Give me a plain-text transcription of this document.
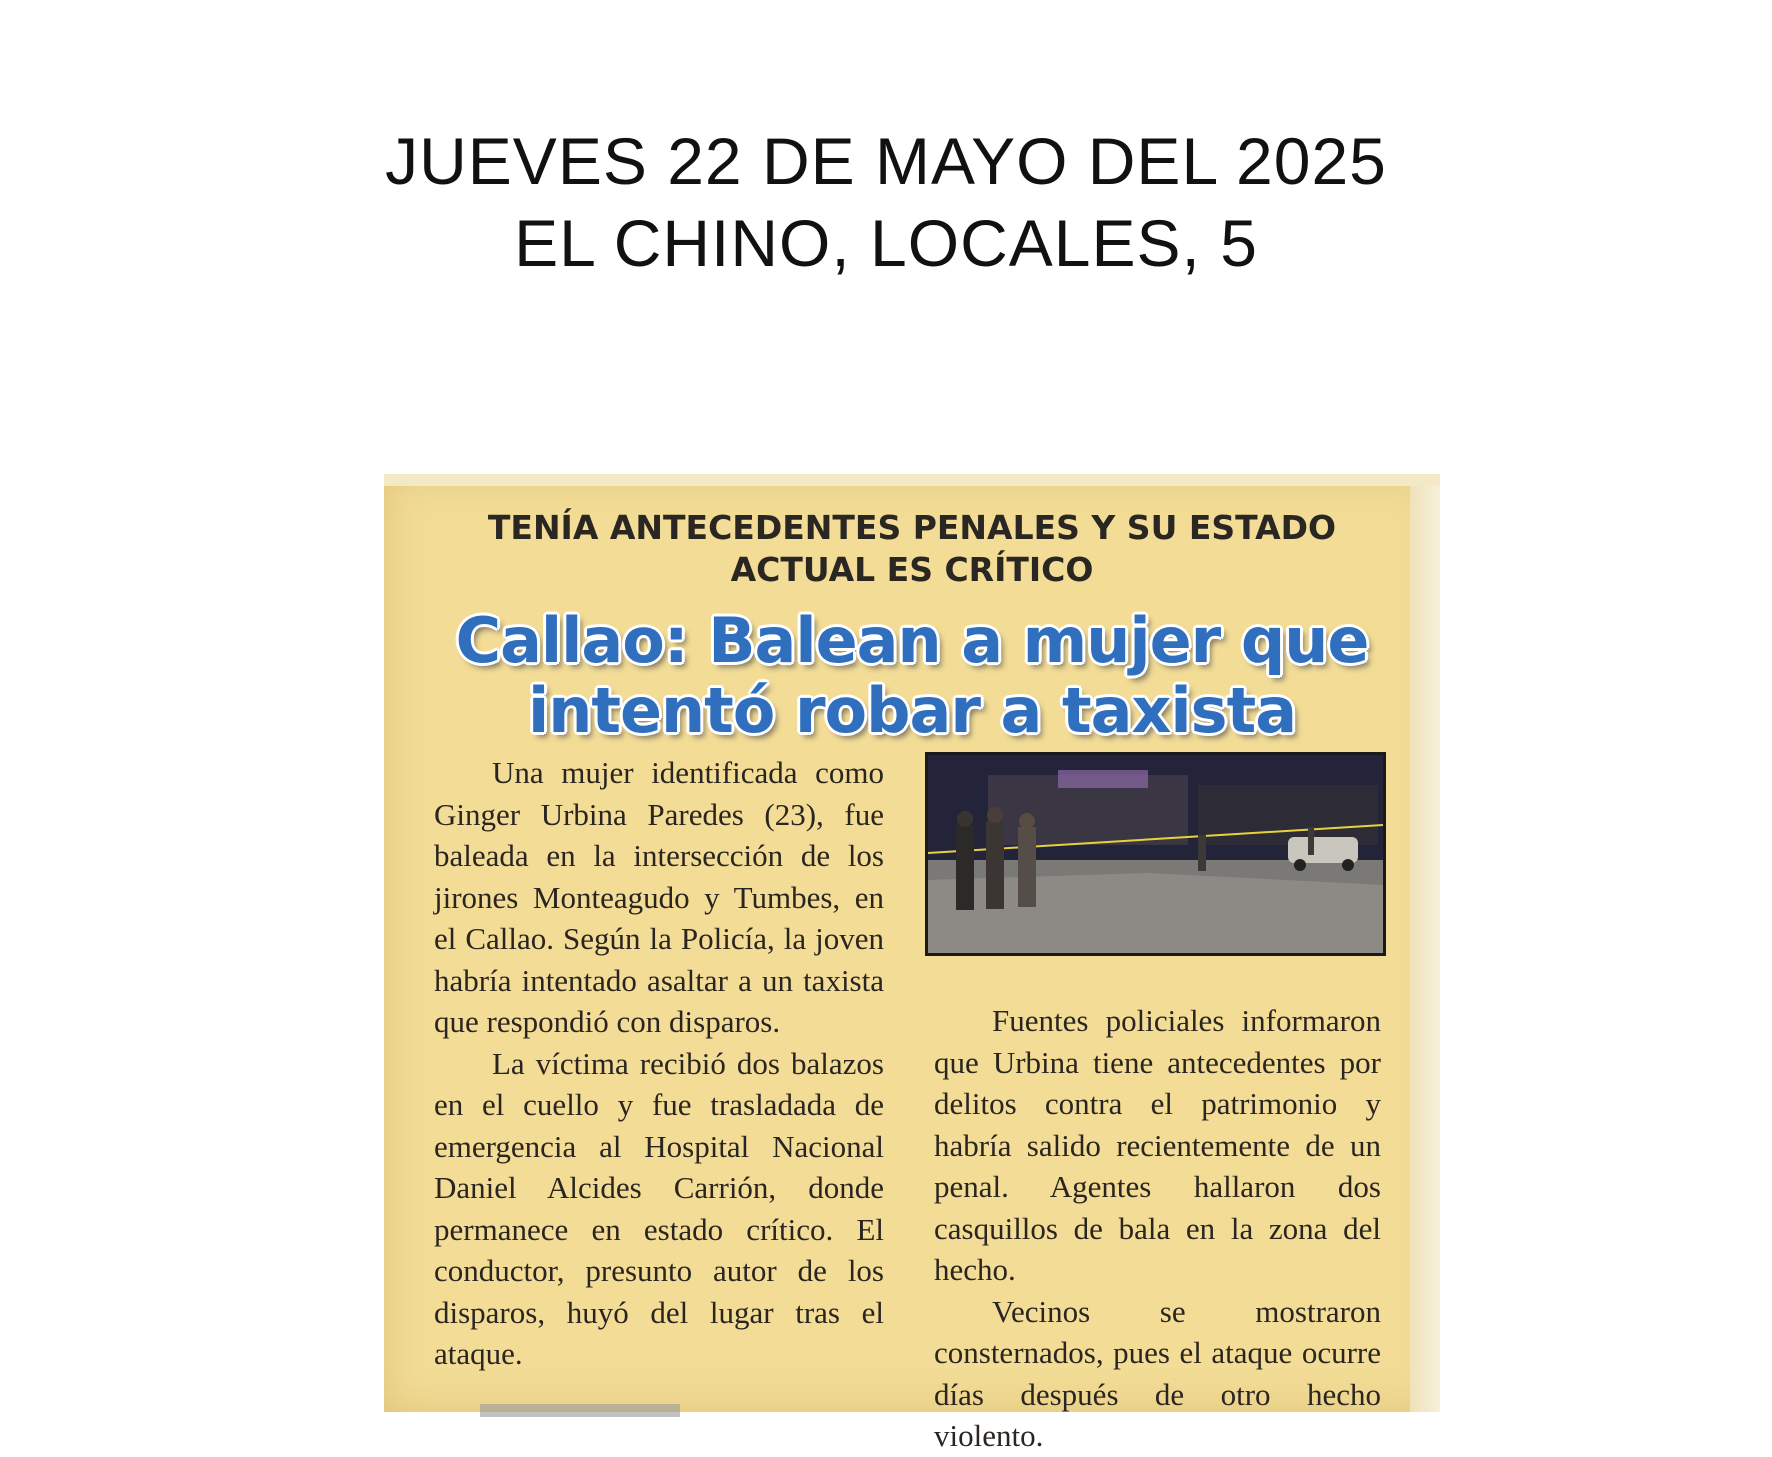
JUEVES 22 DE MAYO DEL 2025
EL CHINO, LOCALES, 5
TENÍA ANTECEDENTES PENALES Y SU ESTADO
ACTUAL ES CRÍTICO
Callao: Balean a mujer que
intentó robar a taxista

Una mujer identificada como Ginger Urbina Paredes (23), fue baleada en la intersección de los jirones Monteagudo y Tumbes, en el Callao. Según la Policía, la joven habría intentado asaltar a un taxista que respondió con disparos.

La víctima recibió dos balazos en el cuello y fue trasladada de emergencia al Hospital Nacional Daniel Alcides Carrión, donde permanece en estado crítico. El conductor, presunto autor de los disparos, huyó del lugar tras el ataque.

Fuentes policiales informaron que Urbina tiene antecedentes por delitos contra el patrimonio y habría salido recientemente de un penal. Agentes hallaron dos casquillos de bala en la zona del hecho.

Vecinos se mostraron consternados, pues el ataque ocurre días después de otro hecho violento.
